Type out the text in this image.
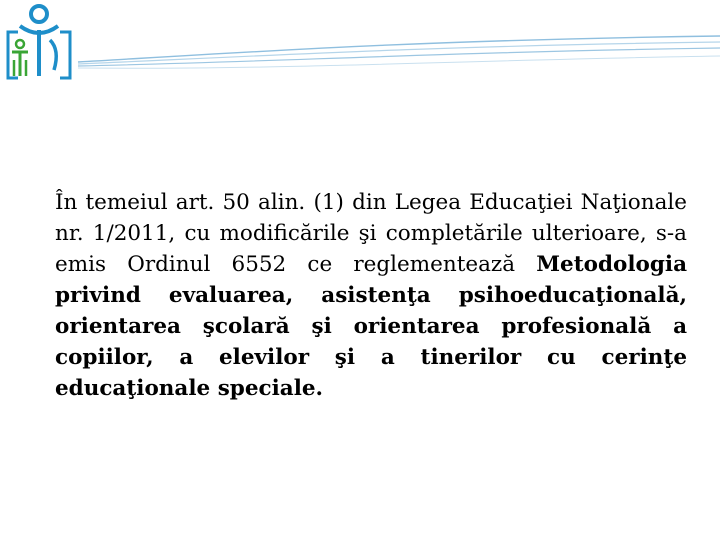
În temeiul art. 50 alin. (1) din Legea Educaţiei Naţionale nr. 1/2011, cu modificările şi completările ulterioare, s-a emis Ordinul 6552 ce reglementează Metodologia privind evaluarea, asistenţa psihoeducaţională, orientarea şcolară şi orientarea profesională a copiilor, a elevilor şi a tinerilor cu cerinţe educaţionale speciale.
